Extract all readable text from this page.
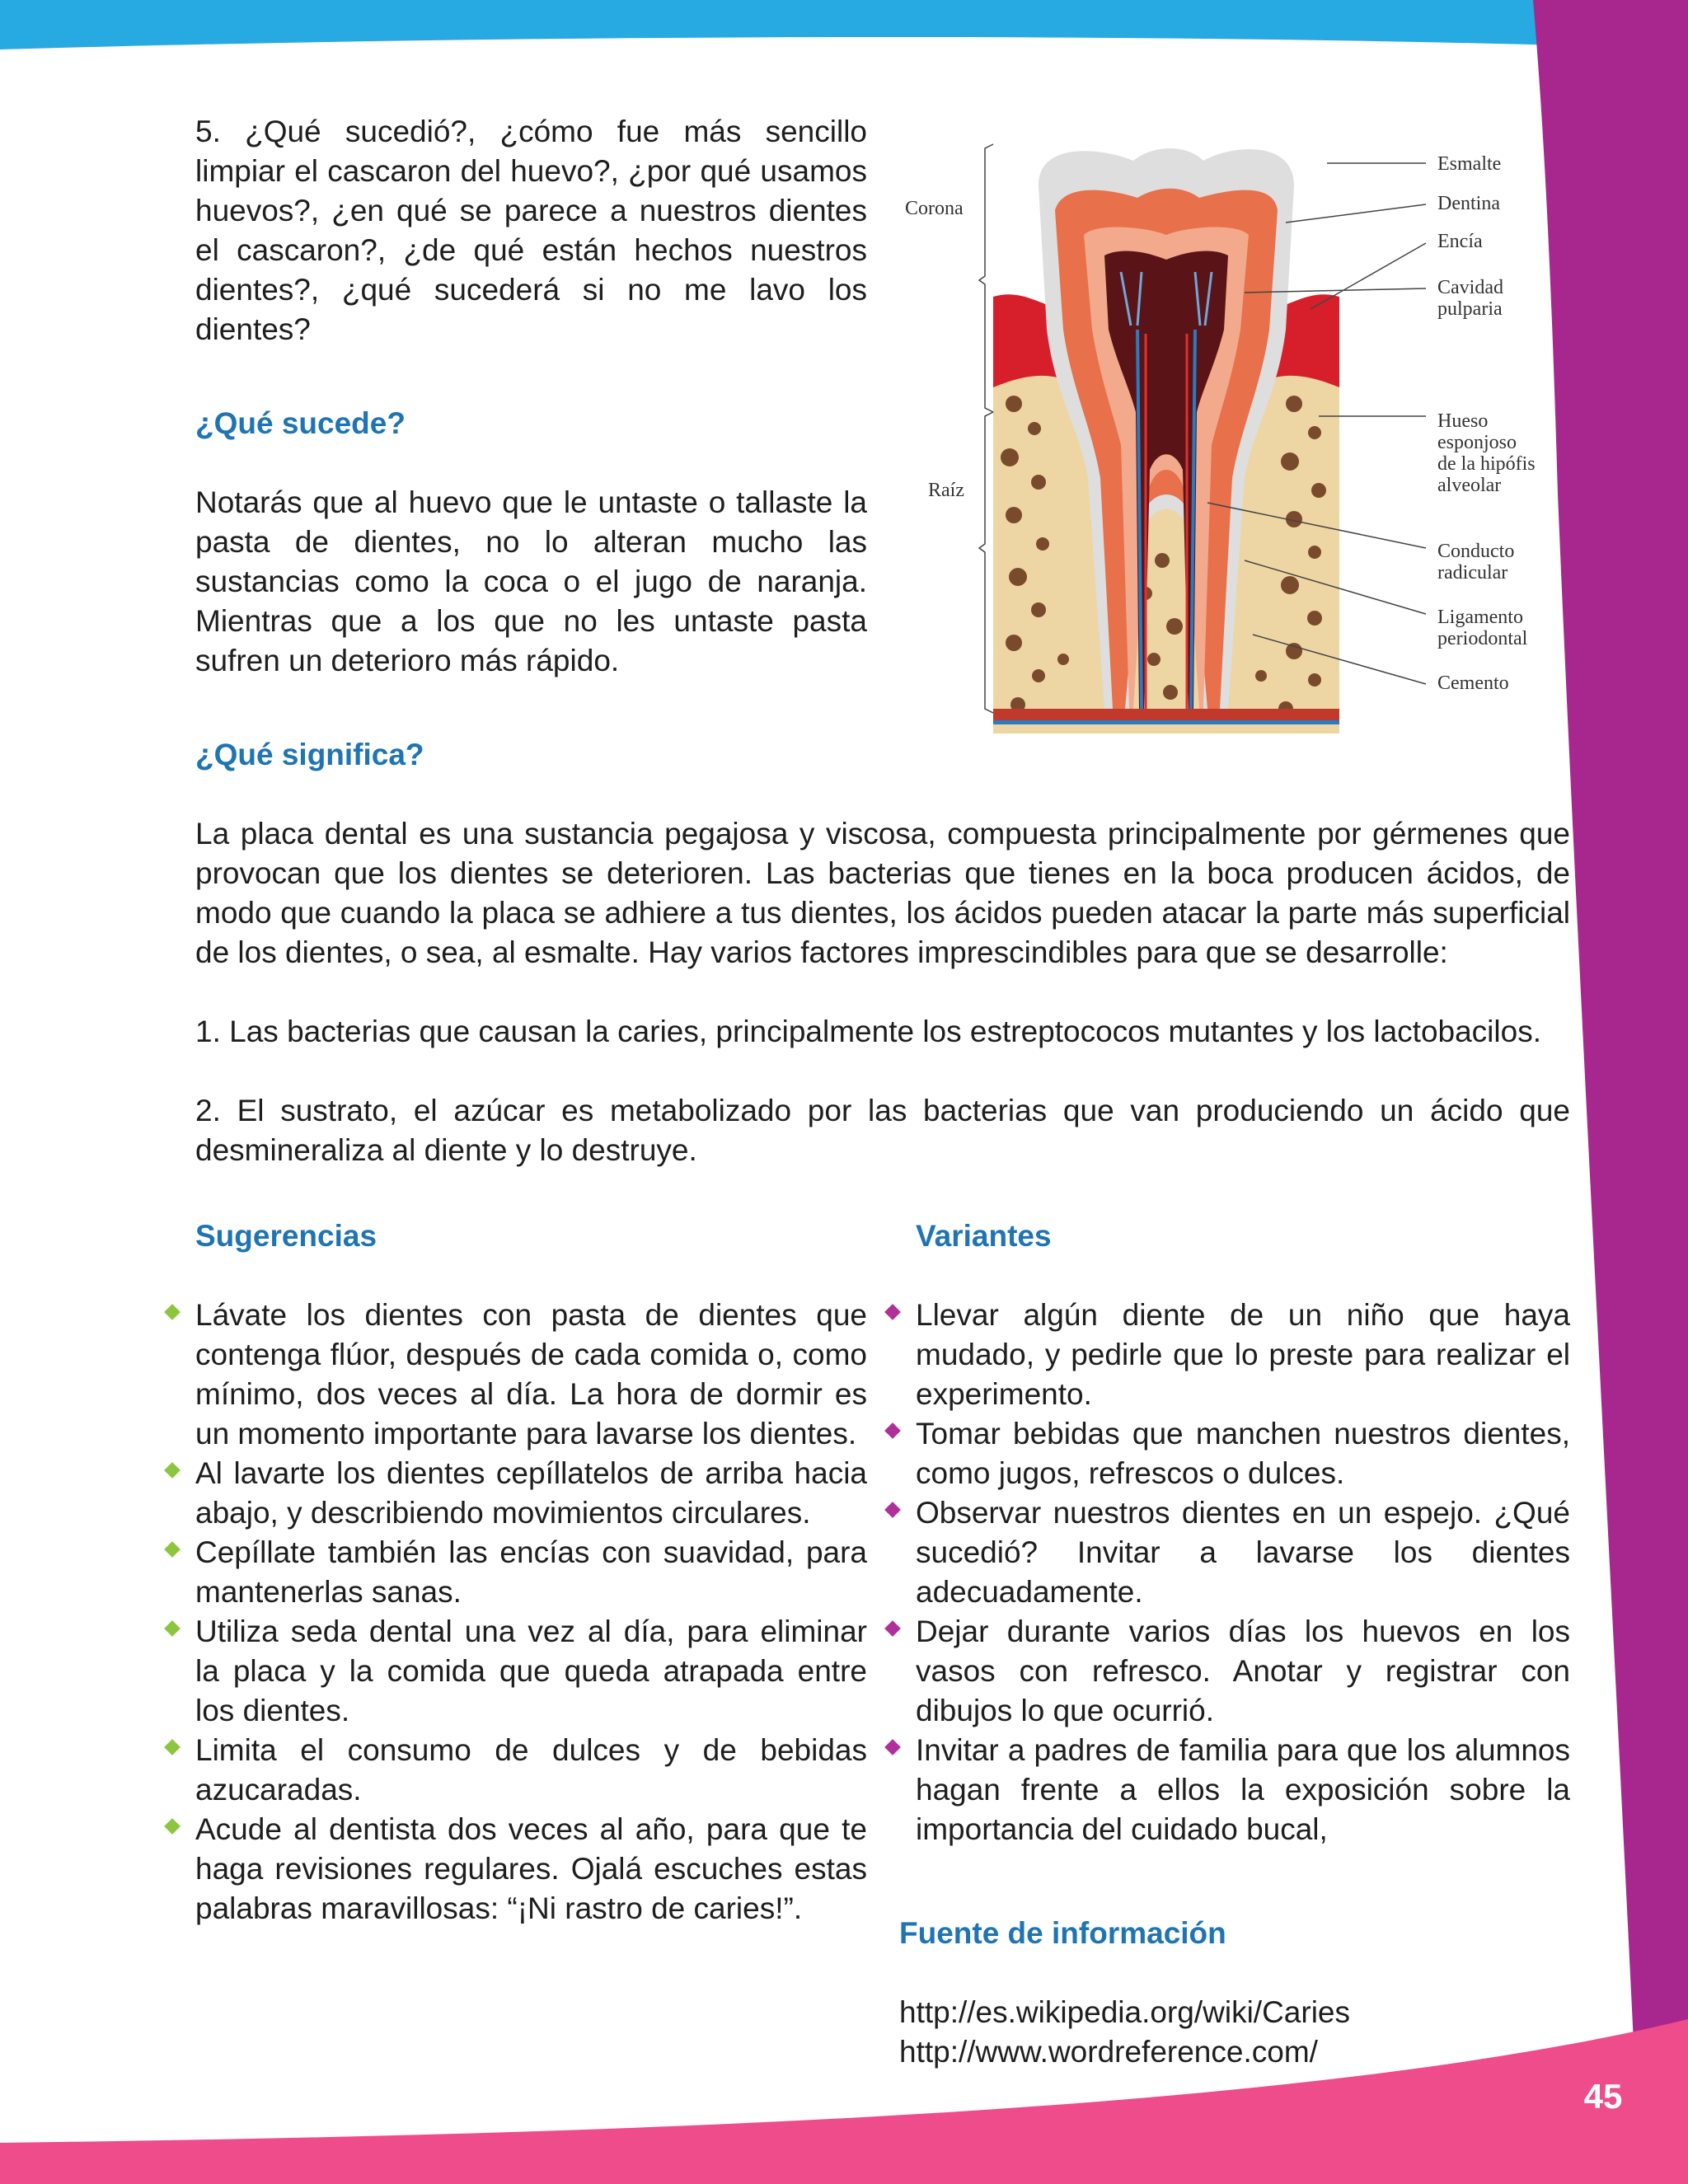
5. ¿Qué sucedió?, ¿cómo fue más sencillo limpiar el cascaron del huevo?, ¿por qué usamos huevos?, ¿en qué se parece a nuestros dientes el cascaron?, ¿de qué están hechos nuestros dientes?, ¿qué sucederá si no me lavo los dientes?

¿Qué sucede?

Notarás que al huevo que le untaste o tallaste la pasta de dientes, no lo alteran mucho las sustancias como la coca o el jugo de naranja. Mientras que a los que no les untaste pasta sufren un deterioro más rápido.

¿Qué significa?

La placa dental es una sustancia pegajosa y viscosa, compuesta principalmente por gérmenes que provocan que los dientes se deterioren. Las bacterias que tienes en la boca producen ácidos, de modo que cuando la placa se adhiere a tus dientes, los ácidos pueden atacar la parte más superficial de los dientes, o sea, al esmalte. Hay varios factores imprescindibles para que se desarrolle:

1. Las bacterias que causan la caries, principalmente los estreptococos mutantes y los lactobacilos.

2. El sustrato, el azúcar es metabolizado por las bacterias que van produciendo un ácido que desmineraliza al diente y lo destruye.

Sugerencias
Lávate los dientes con pasta de dientes que contenga flúor, después de cada comida o, como mínimo, dos veces al día. La hora de dormir es un momento importante para lavarse los dientes.
Al lavarte los dientes cepíllatelos de arriba hacia abajo, y describiendo movimientos circulares.
Cepíllate también las encías con suavidad, para mantenerlas sanas.
Utiliza seda dental una vez al día, para eliminar la placa y la comida que queda atrapada entre los dientes.
Limita el consumo de dulces y de bebidas azucaradas.
Acude al dentista dos veces al año, para que te haga revisiones regulares. Ojalá escuches estas palabras maravillosas: “¡Ni rastro de caries!”.
Variantes
Llevar algún diente de un niño que haya mudado, y pedirle que lo preste para realizar el experimento.
Tomar bebidas que manchen nuestros dientes, como jugos, refrescos o dulces.
Observar nuestros dientes en un espejo. ¿Qué sucedió? Invitar a lavarse los dientes adecuadamente.
Dejar durante varios días los huevos en los vasos con refresco. Anotar y registrar con dibujos lo que ocurrió.
Invitar a padres de familia para que los alumnos hagan frente a ellos la exposición sobre la importancia del cuidado bucal,
Fuente de información

http://es.wikipedia.org/wiki/Caries

http://www.wordreference.com/

45
Corona
Raíz
Esmalte
Dentina
Encía
Cavidad
pulparia
Hueso
esponjoso
de la hipófis
alveolar
Conducto
radicular
Ligamento
periodontal
Cemento
